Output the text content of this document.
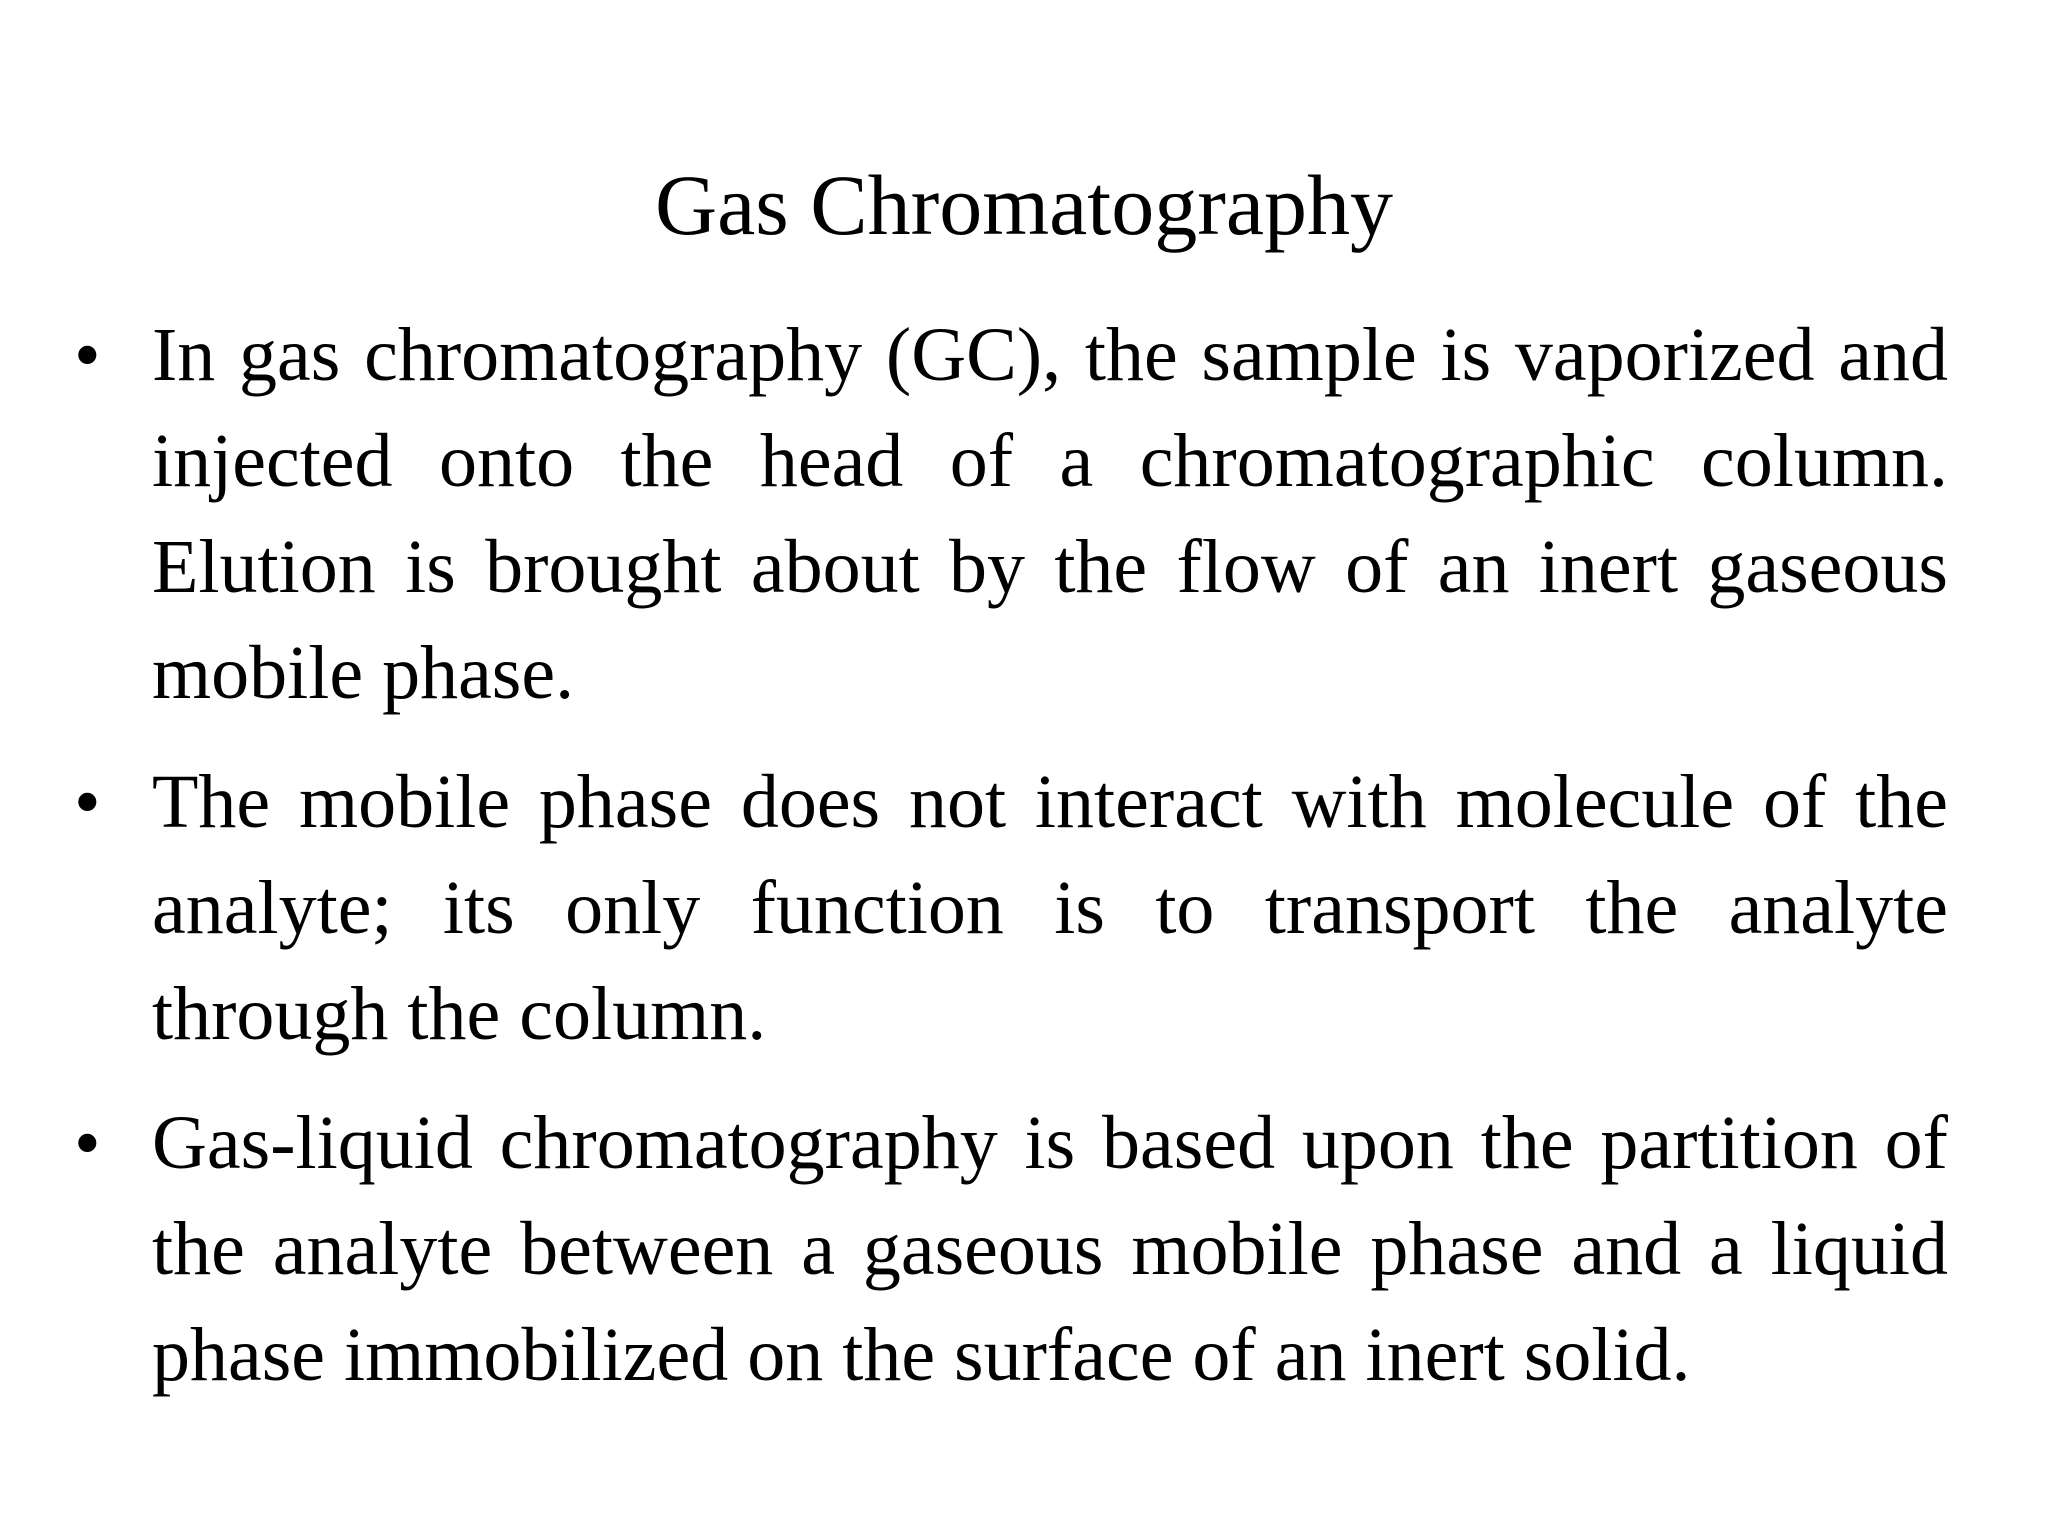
Gas Chromatography
• In gas chromatography (GC), the sample is vaporized and injected onto the head of a chromatographic column. Elution is brought about by the flow of an inert gaseous mobile phase.
• The mobile phase does not interact with molecule of the analyte; its only function is to transport the analyte through the column.
• Gas-liquid chromatography is based upon the partition of the analyte between a gaseous mobile phase and a liquid phase immobilized on the surface of an inert solid.
